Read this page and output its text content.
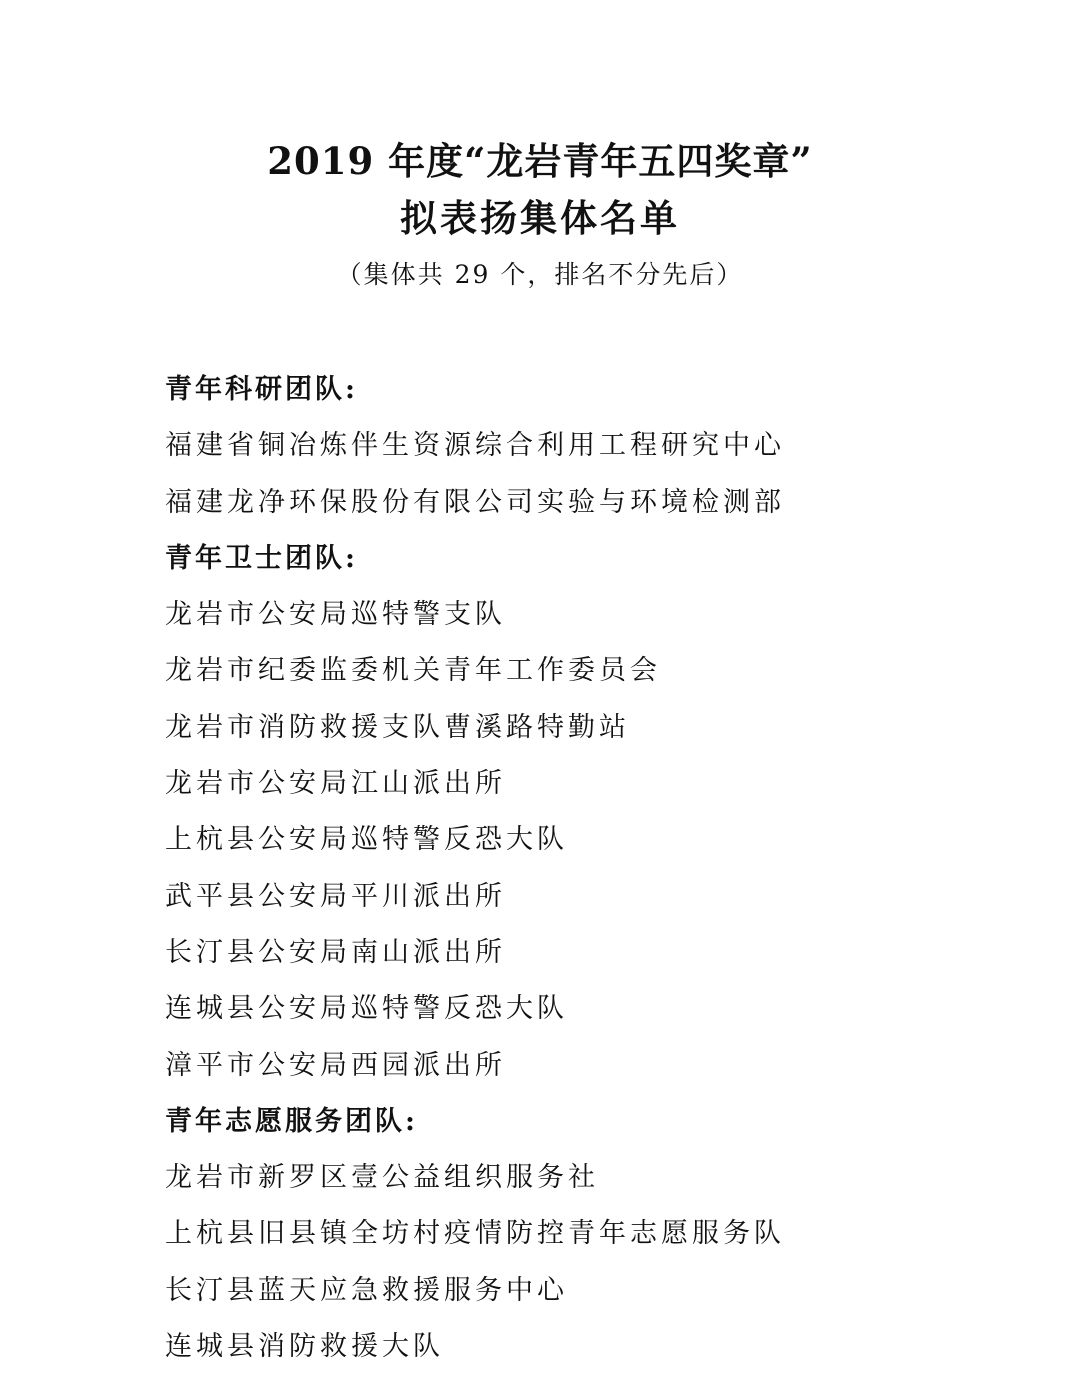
2019 年度“龙岩青年五四奖章”
拟表扬集体名单

（集体共 29 个，排名不分先后）

青年科研团队:
福建省铜冶炼伴生资源综合利用工程研究中心
福建龙净环保股份有限公司实验与环境检测部
青年卫士团队:
龙岩市公安局巡特警支队
龙岩市纪委监委机关青年工作委员会
龙岩市消防救援支队曹溪路特勤站
龙岩市公安局江山派出所
上杭县公安局巡特警反恐大队
武平县公安局平川派出所
长汀县公安局南山派出所
连城县公安局巡特警反恐大队
漳平市公安局西园派出所
青年志愿服务团队:
龙岩市新罗区壹公益组织服务社
上杭县旧县镇全坊村疫情防控青年志愿服务队
长汀县蓝天应急救援服务中心
连城县消防救援大队
